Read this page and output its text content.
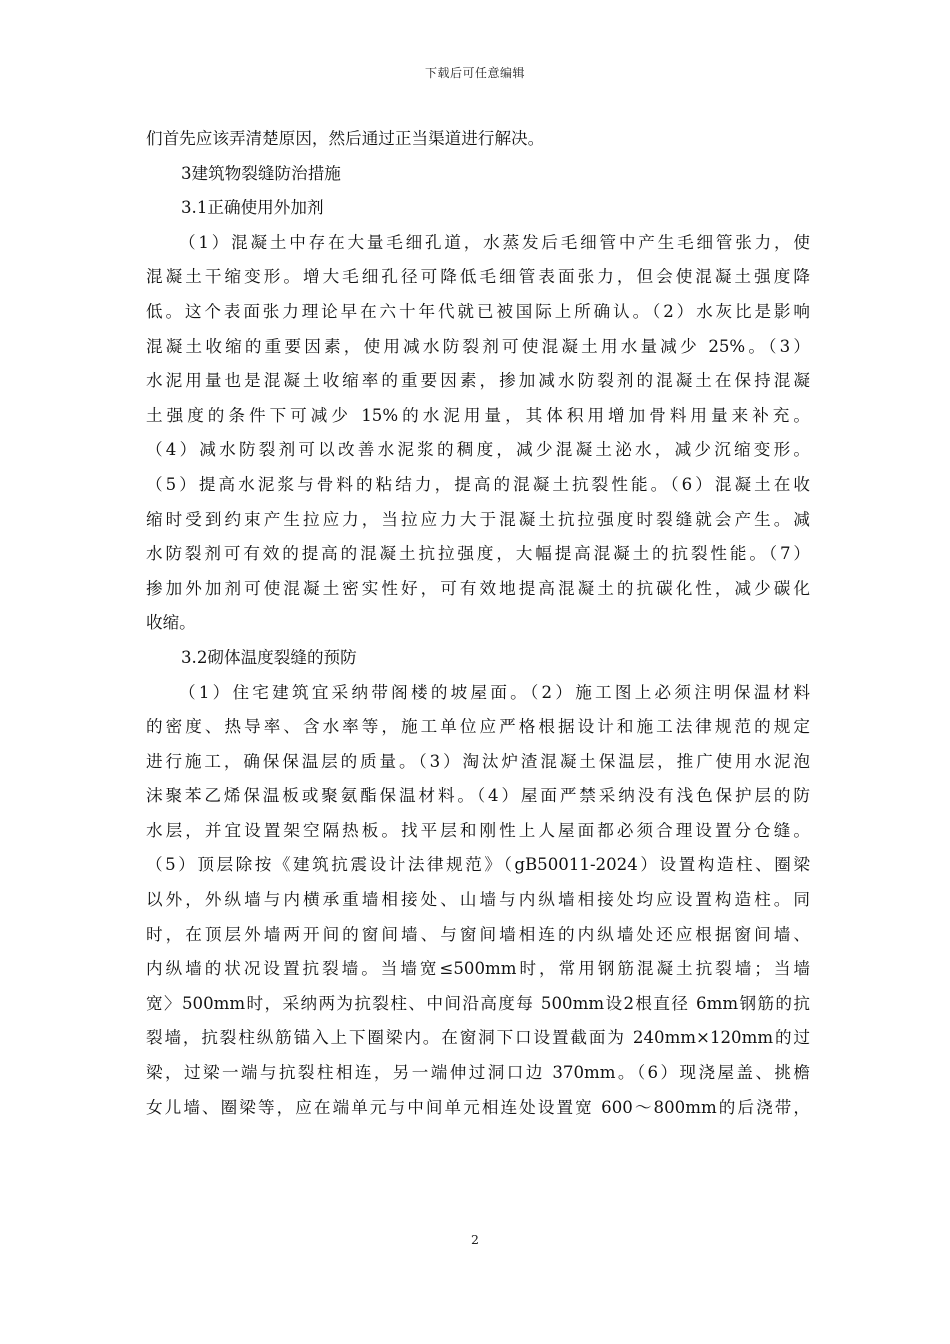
下载后可任意编辑
们首先应该弄清楚原因，然后通过正当渠道进行解决。
3建筑物裂缝防治措施
3.1正确使用外加剂
（1）混凝土中存在大量毛细孔道，水蒸发后毛细管中产生毛细管张力，使
混凝土干缩变形。增大毛细孔径可降低毛细管表面张力，但会使混凝土强度降
低。这个表面张力理论早在六十年代就已被国际上所确认。（2）水灰比是影响
混凝土收缩的重要因素，使用减水防裂剂可使混凝土用水量减少 25%。（3）
水泥用量也是混凝土收缩率的重要因素，掺加减水防裂剂的混凝土在保持混凝
土强度的条件下可减少 15%的水泥用量，其体积用增加骨料用量来补充。
（4）减水防裂剂可以改善水泥浆的稠度，减少混凝土泌水，减少沉缩变形。
（5）提高水泥浆与骨料的粘结力，提高的混凝土抗裂性能。（6）混凝土在收
缩时受到约束产生拉应力，当拉应力大于混凝土抗拉强度时裂缝就会产生。减
水防裂剂可有效的提高的混凝土抗拉强度，大幅提高混凝土的抗裂性能。（7）
掺加外加剂可使混凝土密实性好，可有效地提高混凝土的抗碳化性，减少碳化
收缩。
3.2砌体温度裂缝的预防
（1）住宅建筑宜采纳带阁楼的坡屋面。（2）施工图上必须注明保温材料
的密度、热导率、含水率等，施工单位应严格根据设计和施工法律规范的规定
进行施工，确保保温层的质量。（3）淘汰炉渣混凝土保温层，推广使用水泥泡
沫聚苯乙烯保温板或聚氨酯保温材料。（4）屋面严禁采纳没有浅色保护层的防
水层，并宜设置架空隔热板。找平层和刚性上人屋面都必须合理设置分仓缝。
（5）顶层除按《建筑抗震设计法律规范》（gB50011-2024）设置构造柱、圈梁
以外，外纵墙与内横承重墙相接处、山墙与内纵墙相接处均应设置构造柱。同
时，在顶层外墙两开间的窗间墙、与窗间墙相连的内纵墙处还应根据窗间墙、
内纵墙的状况设置抗裂墙。当墙宽≤500mm时，常用钢筋混凝土抗裂墙；当墙
宽〉500mm时，采纳两为抗裂柱、中间沿高度每 500mm设2根直径 6mm钢筋的抗
裂墙，抗裂柱纵筋锚入上下圈梁内。在窗洞下口设置截面为 240mm×120mm的过
梁，过梁一端与抗裂柱相连，另一端伸过洞口边 370mm。（6）现浇屋盖、挑檐
女儿墙、圈梁等，应在端单元与中间单元相连处设置宽 600～800mm的后浇带，
2
